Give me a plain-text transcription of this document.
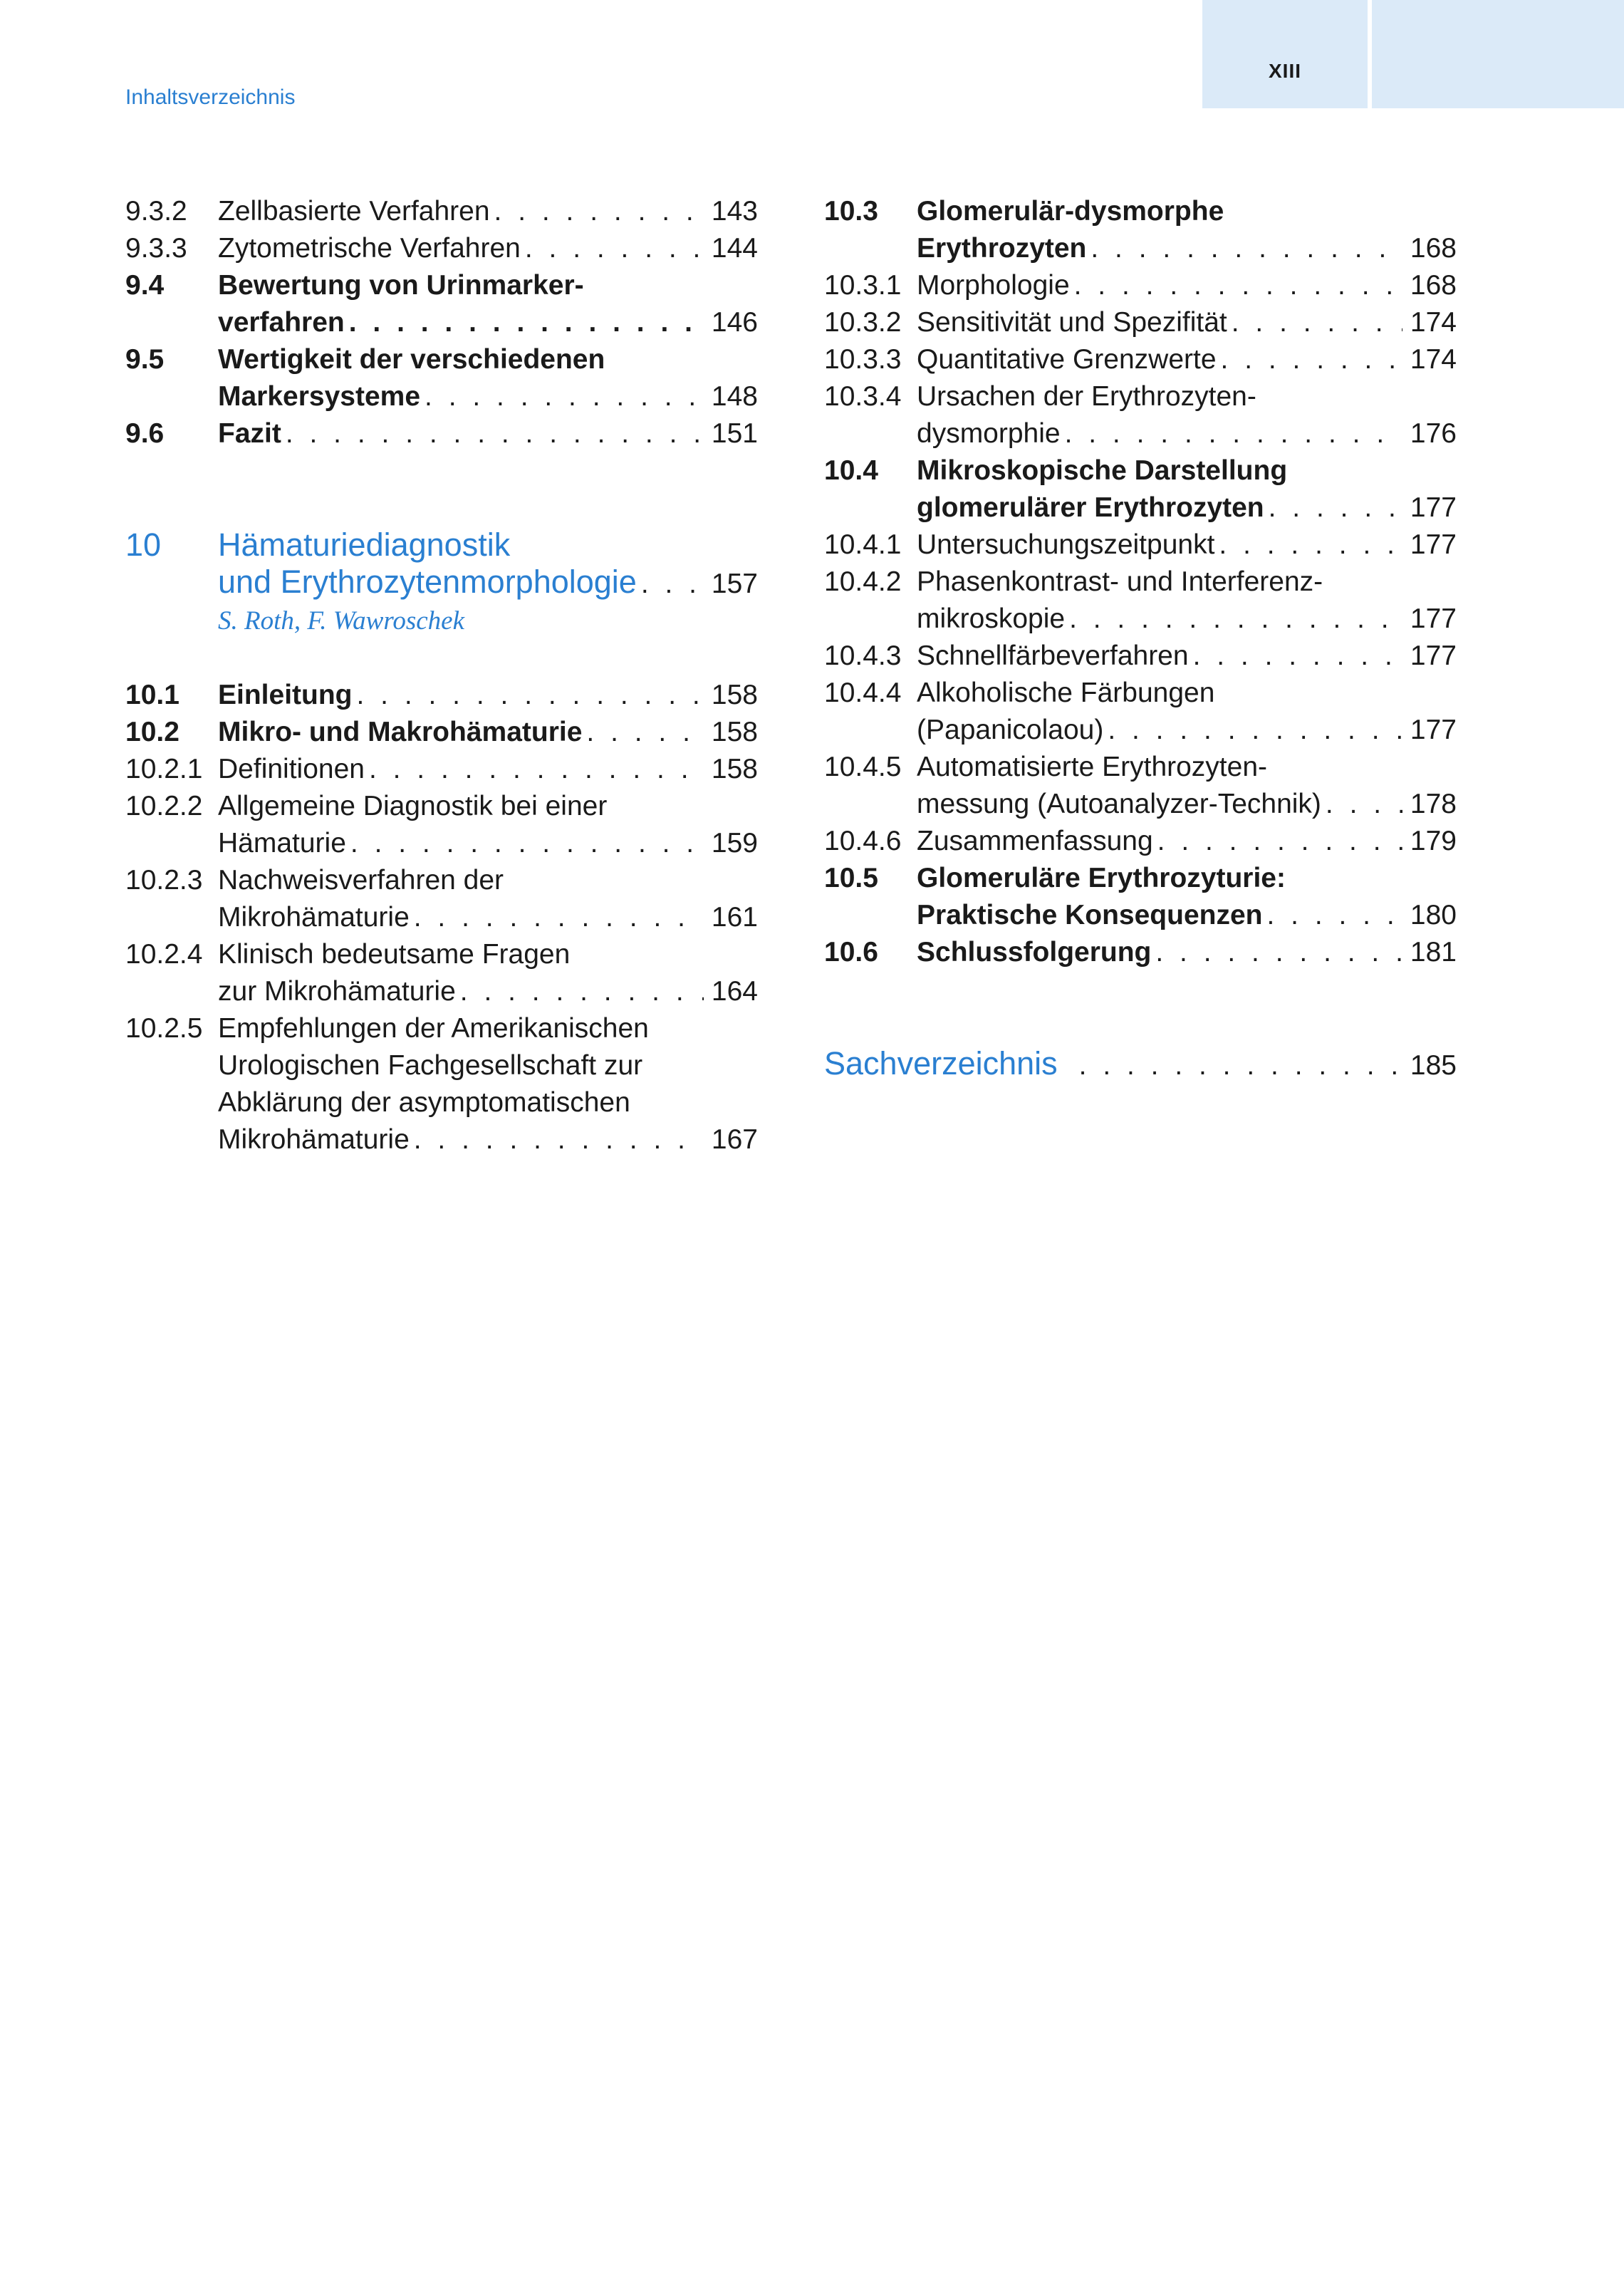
Inhaltsverzeichnis
XIII
9.3.2	Zellbasierte Verfahren . . .	143
9.3.3	Zytometrische Verfahren . . .	144
9.4	Bewertung von Urinmarker-
verfahren . . .	146
9.5	Wertigkeit der verschiedenen
Markersysteme . . .	148
9.6	Fazit . . .	151
10	Hämaturiediagnostik
und Erythrozytenmorphologie . . .	157
S. Roth, F. Wawroschek
10.1	Einleitung . . .	158
10.2	Mikro- und Makrohämaturie . . .	158
10.2.1 Definitionen . . .	158
10.2.2 Allgemeine Diagnostik bei einer
Hämaturie . . .	159
10.2.3 Nachweisverfahren der
Mikrohämaturie . . .	161
10.2.4 Klinisch bedeutsame Fragen
zur Mikrohämaturie . . .	164
10.2.5 Empfehlungen der Amerikanischen
Urologischen Fachgesellschaft zur
Abklärung der asymptomatischen
Mikrohämaturie . . .	167
10.3	Glomerulär-dysmorphe
Erythrozyten . . .	168
10.3.1 Morphologie . . .	168
10.3.2 Sensitivität und Spezifität . . .	174
10.3.3 Quantitative Grenzwerte . . .	174
10.3.4 Ursachen der Erythrozyten-
dysmorphie . . .	176
10.4	Mikroskopische Darstellung
glomerulärer Erythrozyten . . .	177
10.4.1 Untersuchungszeitpunkt . . .	177
10.4.2 Phasenkontrast- und Interferenz-
mikroskopie . . .	177
10.4.3 Schnellfärbeverfahren . . .	177
10.4.4 Alkoholische Färbungen
(Papanicolaou) . . .	177
10.4.5 Automatisierte Erythrozyten-
messung (Autoanalyzer-Technik) . . .	178
10.4.6 Zusammenfassung . . .	179
10.5	Glomeruläre Erythrozyturie:
Praktische Konsequenzen . . .	180
10.6	Schlussfolgerung . . .	181
Sachverzeichnis . . .	185
